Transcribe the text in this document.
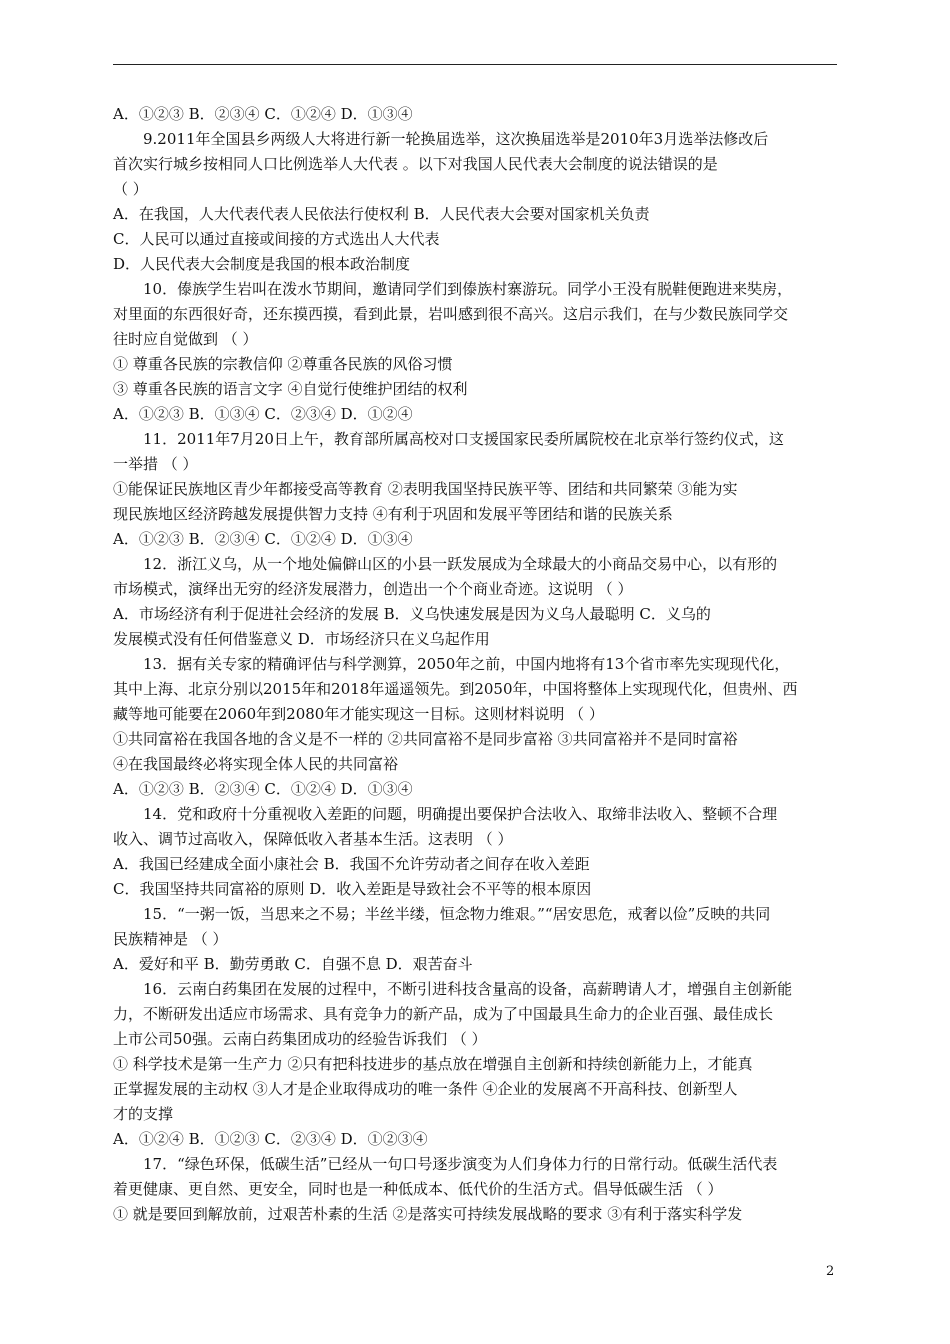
A．①②③ B．②③④ C．①②④ D．①③④
9.2011年全国县乡两级人大将进行新一轮换届选举，这次换届选举是2010年3月选举法修改后
首次实行城乡按相同人口比例选举人大代表 。以下对我国人民代表大会制度的说法错误的是
（ ）
A．在我国，人大代表代表人民依法行使权利 B．人民代表大会要对国家机关负责
C．人民可以通过直接或间接的方式选出人大代表
D．人民代表大会制度是我国的根本政治制度
10．傣族学生岩叫在泼水节期间，邀请同学们到傣族村寨游玩。同学小王没有脱鞋便跑进来奘房，
对里面的东西很好奇，还东摸西摸，看到此景，岩叫感到很不高兴。这启示我们，在与少数民族同学交
往时应自觉做到 （ ）
① 尊重各民族的宗教信仰 ②尊重各民族的风俗习惯
③ 尊重各民族的语言文字 ④自觉行使维护团结的权利
A．①②③ B．①③④ C．②③④ D．①②④
11．2011年7月20日上午，教育部所属高校对口支援国家民委所属院校在北京举行签约仪式，这
一举措 （ ）
①能保证民族地区青少年都接受高等教育 ②表明我国坚持民族平等、团结和共同繁荣 ③能为实
现民族地区经济跨越发展提供智力支持 ④有利于巩固和发展平等团结和谐的民族关系
A．①②③ B．②③④ C．①②④ D．①③④
12．浙江义乌，从一个地处偏僻山区的小县一跃发展成为全球最大的小商品交易中心，以有形的
市场模式，演绎出无穷的经济发展潜力，创造出一个个商业奇迹。这说明 （ ）
A．市场经济有利于促进社会经济的发展 B．义乌快速发展是因为义乌人最聪明 C．义乌的
发展模式没有任何借鉴意义 D．市场经济只在义乌起作用
13．据有关专家的精确评估与科学测算，2050年之前，中国内地将有13个省市率先实现现代化，
其中上海、北京分别以2015年和2018年遥遥领先。到2050年，中国将整体上实现现代化，但贵州、西
藏等地可能要在2060年到2080年才能实现这一目标。这则材料说明 （ ）
①共同富裕在我国各地的含义是不一样的 ②共同富裕不是同步富裕 ③共同富裕并不是同时富裕
④在我国最终必将实现全体人民的共同富裕
A．①②③ B．②③④ C．①②④ D．①③④
14．党和政府十分重视收入差距的问题，明确提出要保护合法收入、取缔非法收入、整顿不合理
收入、调节过高收入，保障低收入者基本生活。这表明 （ ）
A．我国已经建成全面小康社会 B．我国不允许劳动者之间存在收入差距
C．我国坚持共同富裕的原则 D．收入差距是导致社会不平等的根本原因
15．“一粥一饭，当思来之不易；半丝半缕，恒念物力维艰。”“居安思危，戒奢以俭”反映的共同
民族精神是 （ ）
A．爱好和平 B．勤劳勇敢 C．自强不息 D．艰苦奋斗
16．云南白药集团在发展的过程中，不断引进科技含量高的设备，高薪聘请人才，增强自主创新能
力，不断研发出适应市场需求、具有竞争力的新产品，成为了中国最具生命力的企业百强、最佳成长
上市公司50强。云南白药集团成功的经验告诉我们 （ ）
① 科学技术是第一生产力 ②只有把科技进步的基点放在增强自主创新和持续创新能力上，才能真
正掌握发展的主动权 ③人才是企业取得成功的唯一条件 ④企业的发展离不开高科技、创新型人
才的支撑
A．①②④ B．①②③ C．②③④ D．①②③④
17．“绿色环保，低碳生活”已经从一句口号逐步演变为人们身体力行的日常行动。低碳生活代表
着更健康、更自然、更安全，同时也是一种低成本、低代价的生活方式。倡导低碳生活 （ ）
① 就是要回到解放前，过艰苦朴素的生活 ②是落实可持续发展战略的要求 ③有利于落实科学发
2
